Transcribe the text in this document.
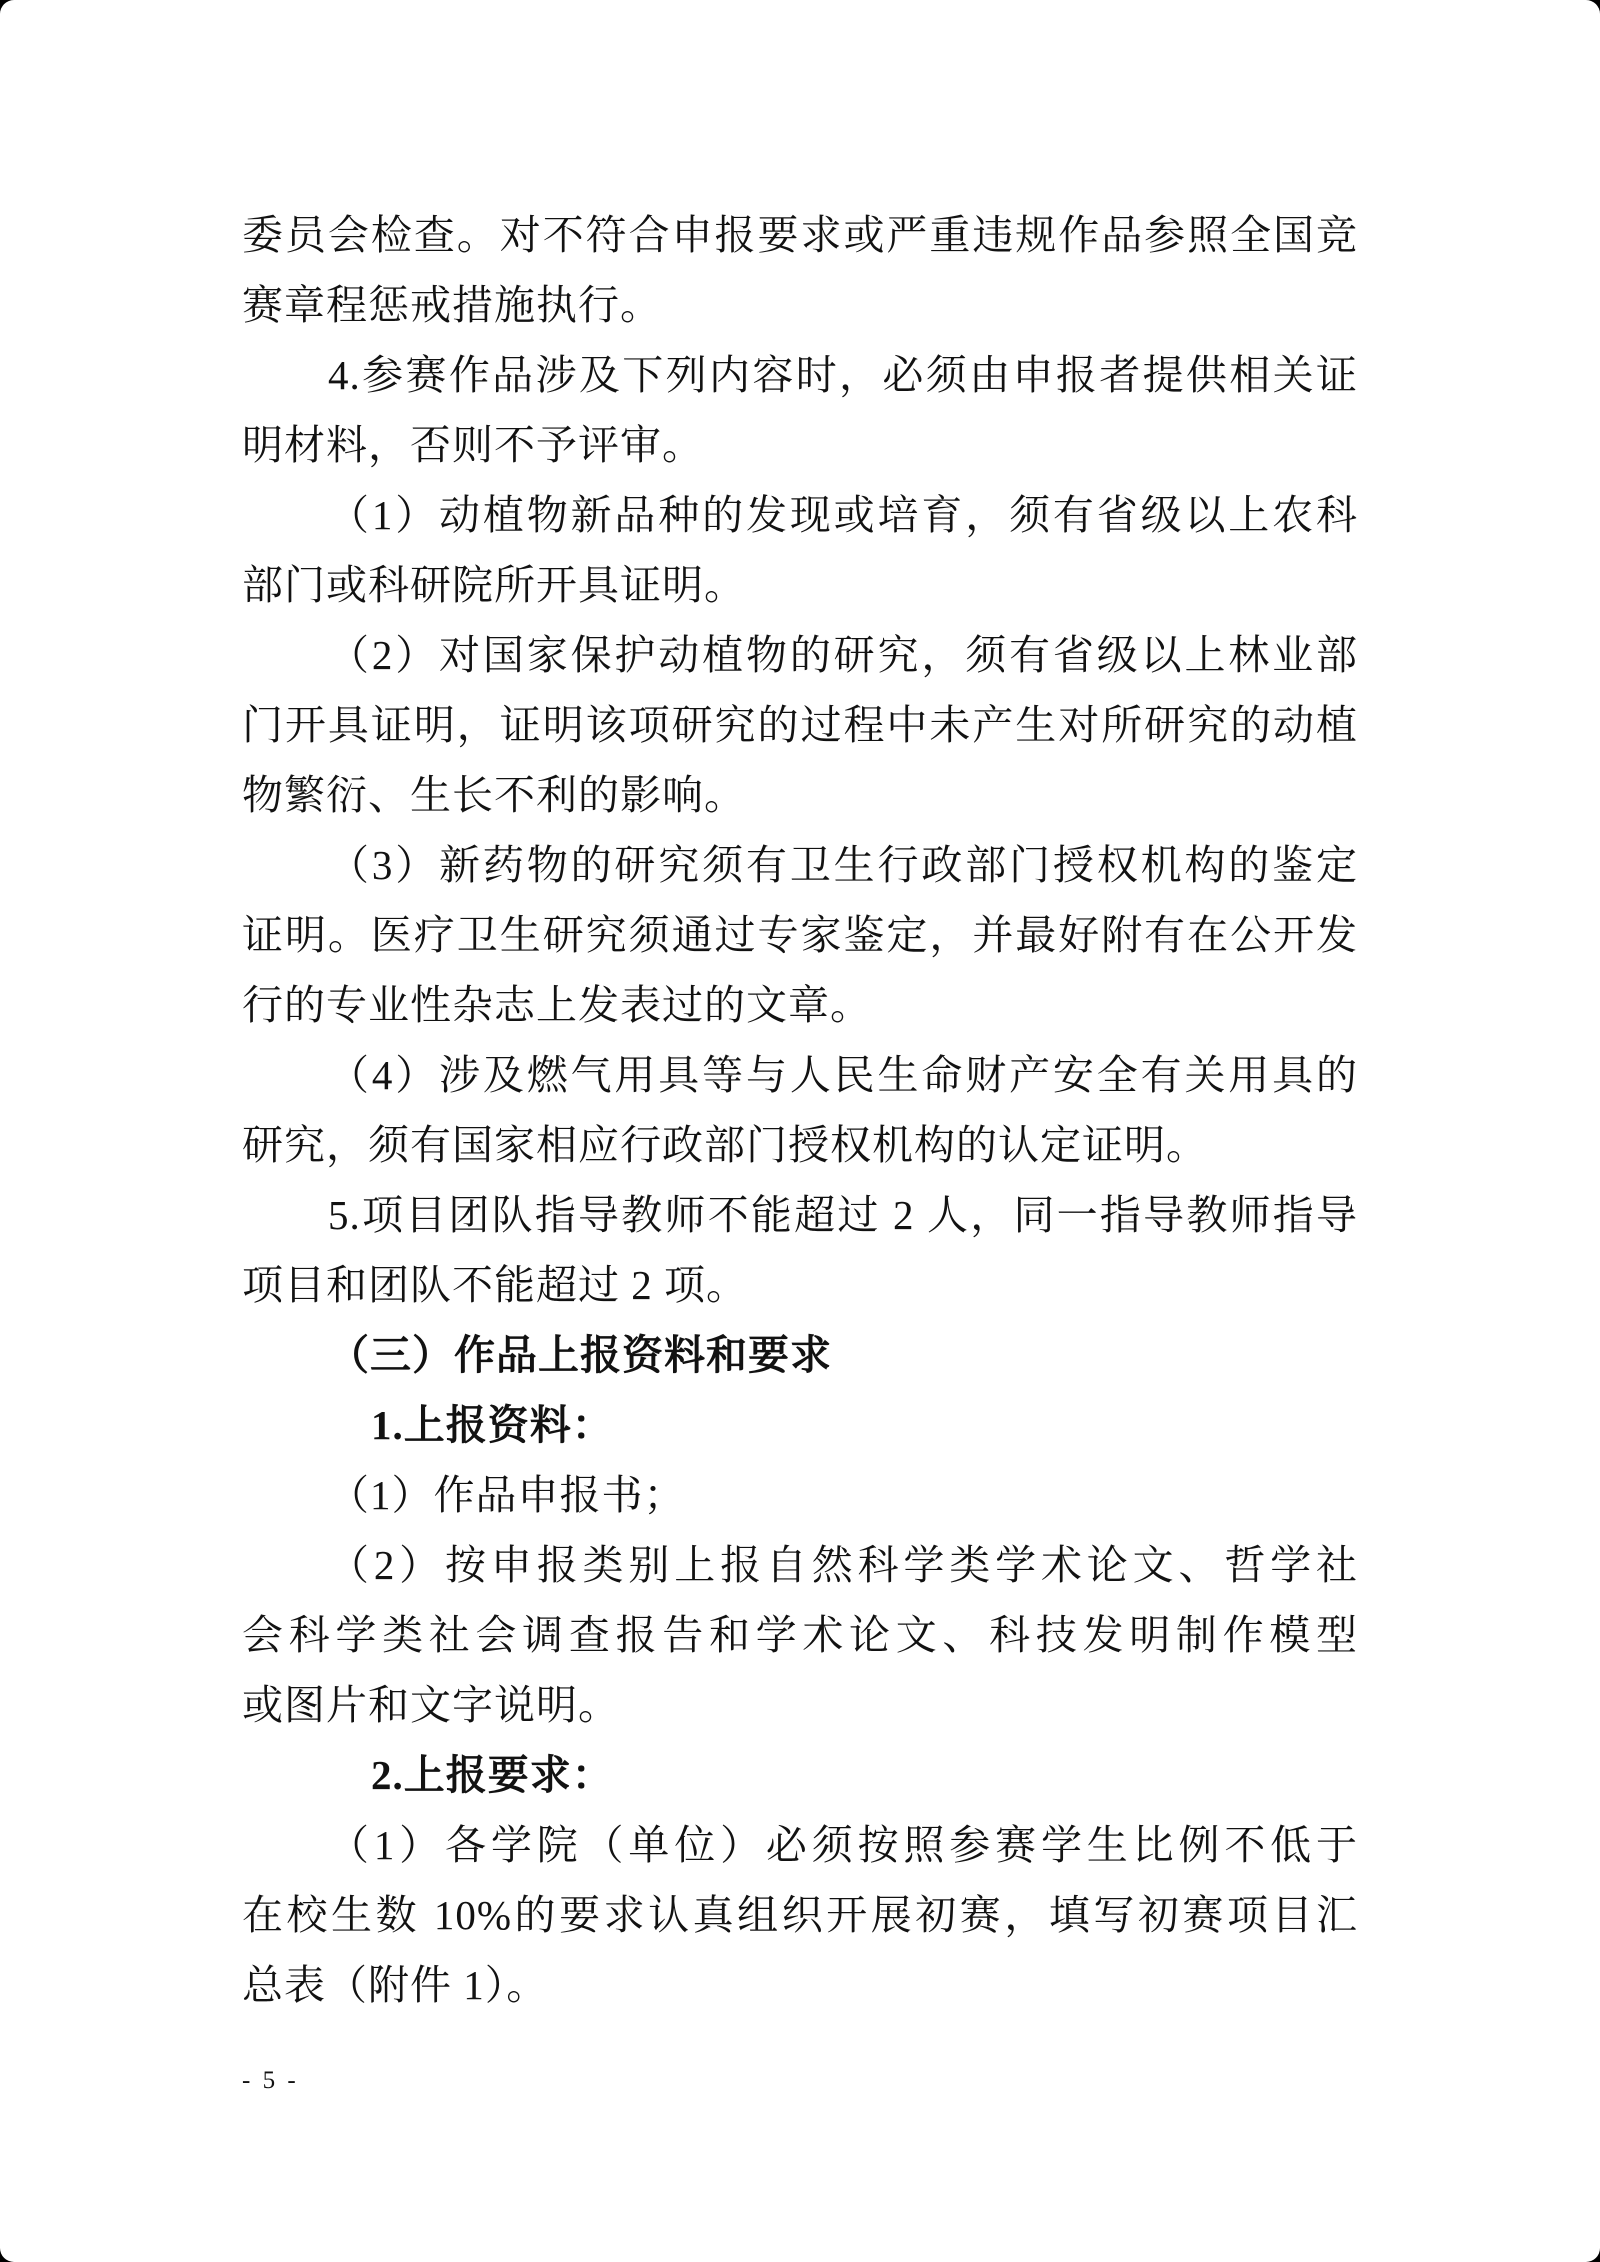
委员会检查。对不符合申报要求或严重违规作品参照全国竞
赛章程惩戒措施执行。
4.参赛作品涉及下列内容时，必须由申报者提供相关证
明材料，否则不予评审。
（1）动植物新品种的发现或培育，须有省级以上农科
部门或科研院所开具证明。
（2）对国家保护动植物的研究，须有省级以上林业部
门开具证明，证明该项研究的过程中未产生对所研究的动植
物繁衍、生长不利的影响。
（3）新药物的研究须有卫生行政部门授权机构的鉴定
证明。医疗卫生研究须通过专家鉴定，并最好附有在公开发
行的专业性杂志上发表过的文章。
（4）涉及燃气用具等与人民生命财产安全有关用具的
研究，须有国家相应行政部门授权机构的认定证明。
5.项目团队指导教师不能超过 2 人，同一指导教师指导
项目和团队不能超过 2 项。
（三）作品上报资料和要求
1.上报资料：
（1）作品申报书；
（2）按申报类别上报自然科学类学术论文、哲学社
会科学类社会调查报告和学术论文、科技发明制作模型
或图片和文字说明。
2.上报要求：
（1）各学院（单位）必须按照参赛学生比例不低于
在校生数 10%的要求认真组织开展初赛，填写初赛项目汇
总表（附件 1）。
- 5 -
